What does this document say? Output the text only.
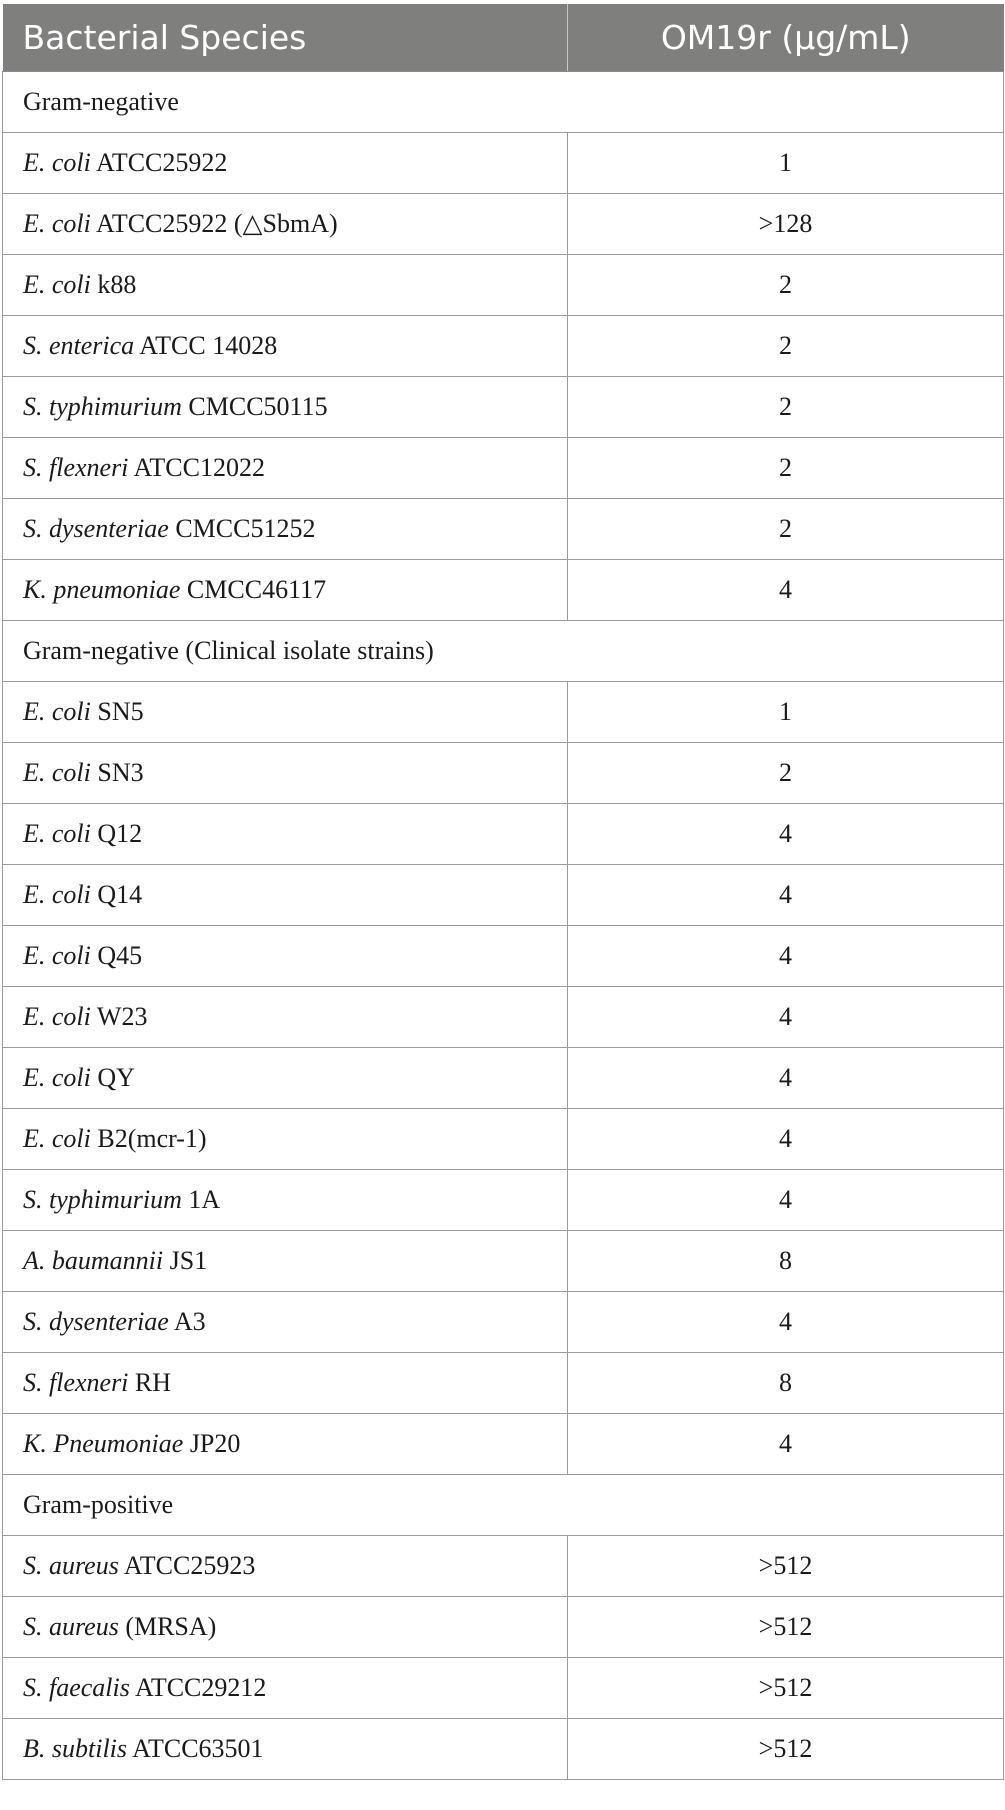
Bacterial Species	OM19r (μg/mL)
Gram-negative	
E. coli ATCC25922	1
E. coli ATCC25922 (△SbmA)	>128
E. coli k88	2
S. enterica ATCC 14028	2
S. typhimurium CMCC50115	2
S. flexneri ATCC12022	2
S. dysenteriae CMCC51252	2
K. pneumoniae CMCC46117	4
Gram-negative (Clinical isolate strains)	
E. coli SN5	1
E. coli SN3	2
E. coli Q12	4
E. coli Q14	4
E. coli Q45	4
E. coli W23	4
E. coli QY	4
E. coli B2(mcr-1)	4
S. typhimurium 1A	4
A. baumannii JS1	8
S. dysenteriae A3	4
S. flexneri RH	8
K. Pneumoniae JP20	4
Gram-positive	
S. aureus ATCC25923	>512
S. aureus (MRSA)	>512
S. faecalis ATCC29212	>512
B. subtilis ATCC63501	>512
